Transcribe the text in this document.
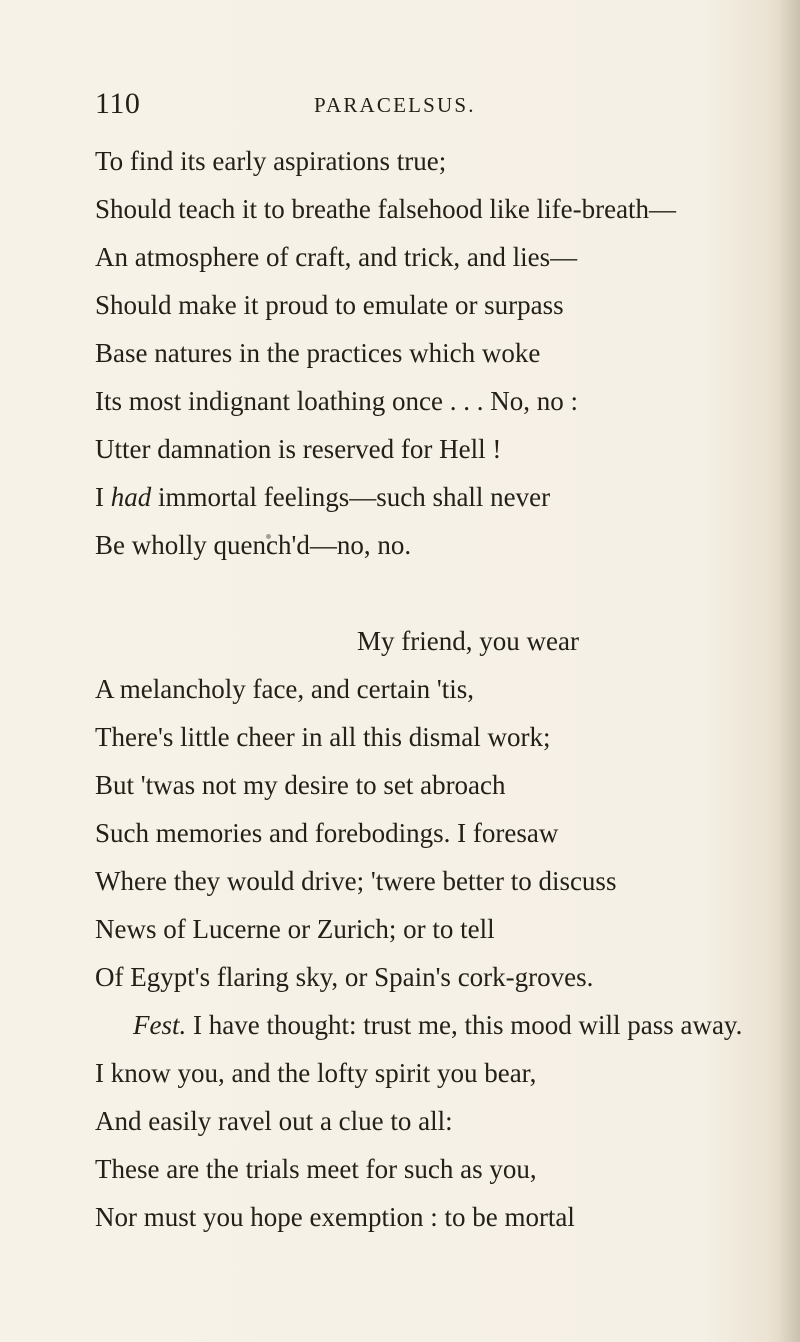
110	PARACELSUS.
To find its early aspirations true;
Should teach it to breathe falsehood like life-breath—
An atmosphere of craft, and trick, and lies—
Should make it proud to emulate or surpass
Base natures in the practices which woke
Its most indignant loathing once . . . No, no :
Utter damnation is reserved for Hell !
I had immortal feelings—such shall never
Be wholly quench'd—no, no.
My friend, you wear
A melancholy face, and certain 'tis,
There's little cheer in all this dismal work;
But 'twas not my desire to set abroach
Such memories and forebodings. I foresaw
Where they would drive; 'twere better to discuss
News of Lucerne or Zurich; or to tell
Of Egypt's flaring sky, or Spain's cork-groves.
Fest. I have thought: trust me, this mood will pass away.
I know you, and the lofty spirit you bear,
And easily ravel out a clue to all:
These are the trials meet for such as you,
Nor must you hope exemption : to be mortal
